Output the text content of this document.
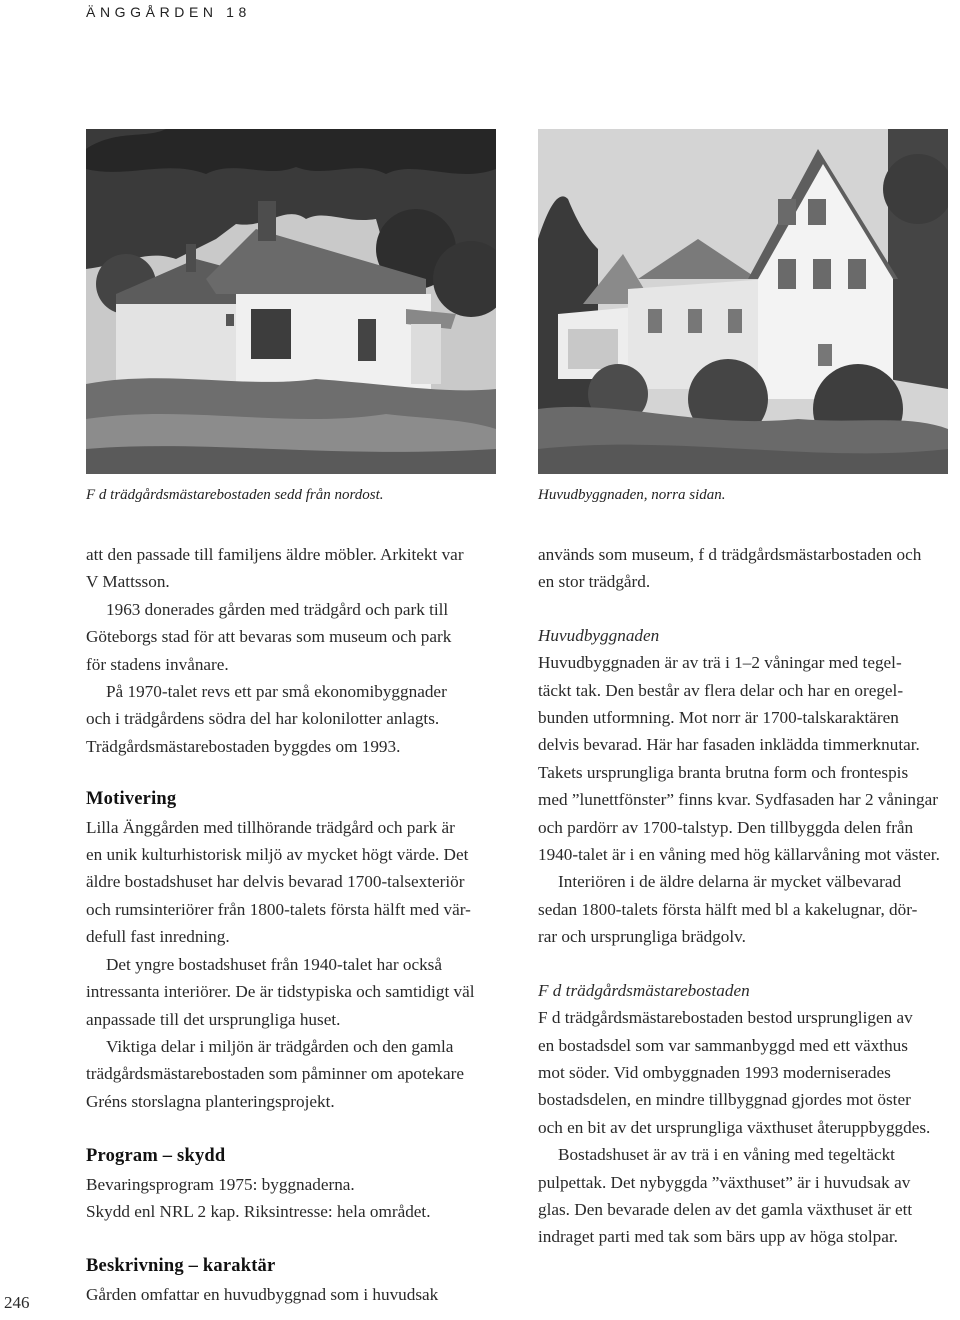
ÄNGGÅRDEN 18
F d trädgårdsmästarebostaden sedd från nordost.	Huvudbyggnaden, norra sidan.

att den passade till familjens äldre möbler. Arkitekt var
V Mattsson.

1963 donerades gården med trädgård och park till
Göteborgs stad för att bevaras som museum och park
för stadens invånare.

På 1970-talet revs ett par små ekonomibyggnader
och i trädgårdens södra del har kolonilotter anlagts.
Trädgårdsmästarebostaden byggdes om 1993.

Motivering

Lilla Änggården med tillhörande trädgård och park är
en unik kulturhistorisk miljö av mycket högt värde. Det
äldre bostadshuset har delvis bevarad 1700-talsexteriör
och rumsinteriörer från 1800-talets första hälft med vär-
defull fast inredning.

Det yngre bostadshuset från 1940-talet har också
intressanta interiörer. De är tidstypiska och samtidigt väl
anpassade till det ursprungliga huset.

Viktiga delar i miljön är trädgården och den gamla
trädgårdsmästarebostaden som påminner om apotekare
Gréns storslagna planteringsprojekt.

Program – skydd

Bevaringsprogram 1975: byggnaderna.
Skydd enl NRL 2 kap. Riksintresse: hela området.

Beskrivning – karaktär

Gården omfattar en huvudbyggnad som i huvudsak

används som museum, f d trädgårdsmästarbostaden och
en stor trädgård.

Huvudbyggnaden

Huvudbyggnaden är av trä i 1–2 våningar med tegel-
täckt tak. Den består av flera delar och har en oregel-
bunden utformning. Mot norr är 1700-talskaraktären
delvis bevarad. Här har fasaden inklädda timmerknutar.
Takets ursprungliga branta brutna form och frontespis
med ”lunettfönster” finns kvar. Sydfasaden har 2 våningar
och pardörr av 1700-talstyp. Den tillbyggda delen från
1940-talet är i en våning med hög källarvåning mot väster.

Interiören i de äldre delarna är mycket välbevarad
sedan 1800-talets första hälft med bl a kakelugnar, dör-
rar och ursprungliga brädgolv.

F d trädgårdsmästarebostaden

F d trädgårdsmästarebostaden bestod ursprungligen av
en bostadsdel som var sammanbyggd med ett växthus
mot söder. Vid ombyggnaden 1993 moderniserades
bostadsdelen, en mindre tillbyggnad gjordes mot öster
och en bit av det ursprungliga växthuset återuppbyggdes.

Bostadshuset är av trä i en våning med tegeltäckt
pulpettak. Det nybyggda ”växthuset” är i huvudsak av
glas. Den bevarade delen av det gamla växthuset är ett
indraget parti med tak som bärs upp av höga stolpar.

246
